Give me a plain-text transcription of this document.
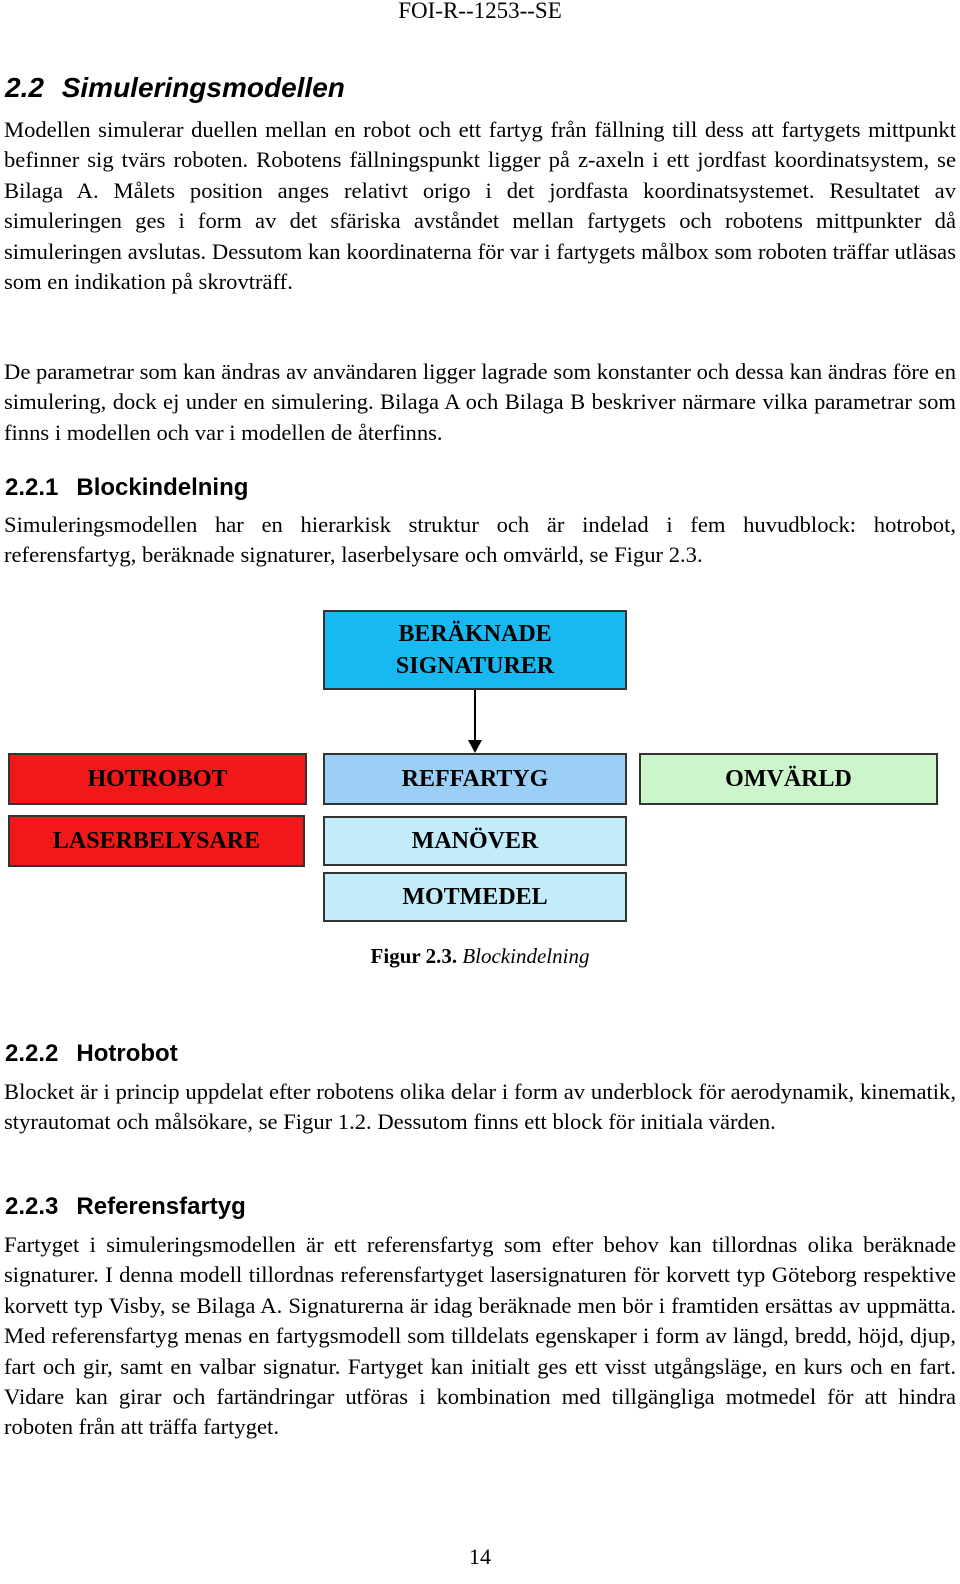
FOI-R--1253--SE
2.2 Simuleringsmodellen

Modellen simulerar duellen mellan en robot och ett fartyg från fällning till dess att fartygets mittpunkt befinner sig tvärs roboten. Robotens fällningspunkt ligger på z-axeln i ett jordfast koordinatsystem, se Bilaga A. Målets position anges relativt origo i det jordfasta koordinatsystemet. Resultatet av simuleringen ges i form av det sfäriska avståndet mellan fartygets och robotens mittpunkter då simuleringen avslutas. Dessutom kan koordinaterna för var i fartygets målbox som roboten träffar utläsas som en indikation på skrovträff.

De parametrar som kan ändras av användaren ligger lagrade som konstanter och dessa kan ändras före en simulering, dock ej under en simulering. Bilaga A och Bilaga B beskriver närmare vilka parametrar som finns i modellen och var i modellen de återfinns.

2.2.1 Blockindelning

Simuleringsmodellen har en hierarkisk struktur och är indelad i fem huvudblock: hotrobot, referensfartyg, beräknade signaturer, laserbelysare och omvärld, se Figur 2.3.

BERÄKNADE
SIGNATURER
HOTROBOT	REFFARTYG	OMVÄRLD
LASERBELYSARE	MANÖVER
MOTMEDEL
Figur 2.3. Blockindelning
2.2.2 Hotrobot

Blocket är i princip uppdelat efter robotens olika delar i form av underblock för aerodynamik, kinematik, styrautomat och målsökare, se Figur 1.2. Dessutom finns ett block för initiala värden.

2.2.3 Referensfartyg

Fartyget i simuleringsmodellen är ett referensfartyg som efter behov kan tillordnas olika beräknade signaturer. I denna modell tillordnas referensfartyget lasersignaturen för korvett typ Göteborg respektive korvett typ Visby, se Bilaga A. Signaturerna är idag beräknade men bör i framtiden ersättas av uppmätta. Med referensfartyg menas en fartygsmodell som tilldelats egenskaper i form av längd, bredd, höjd, djup, fart och gir, samt en valbar signatur. Fartyget kan initialt ges ett visst utgångsläge, en kurs och en fart. Vidare kan girar och fartändringar utföras i kombination med tillgängliga motmedel för att hindra roboten från att träffa fartyget.

14
